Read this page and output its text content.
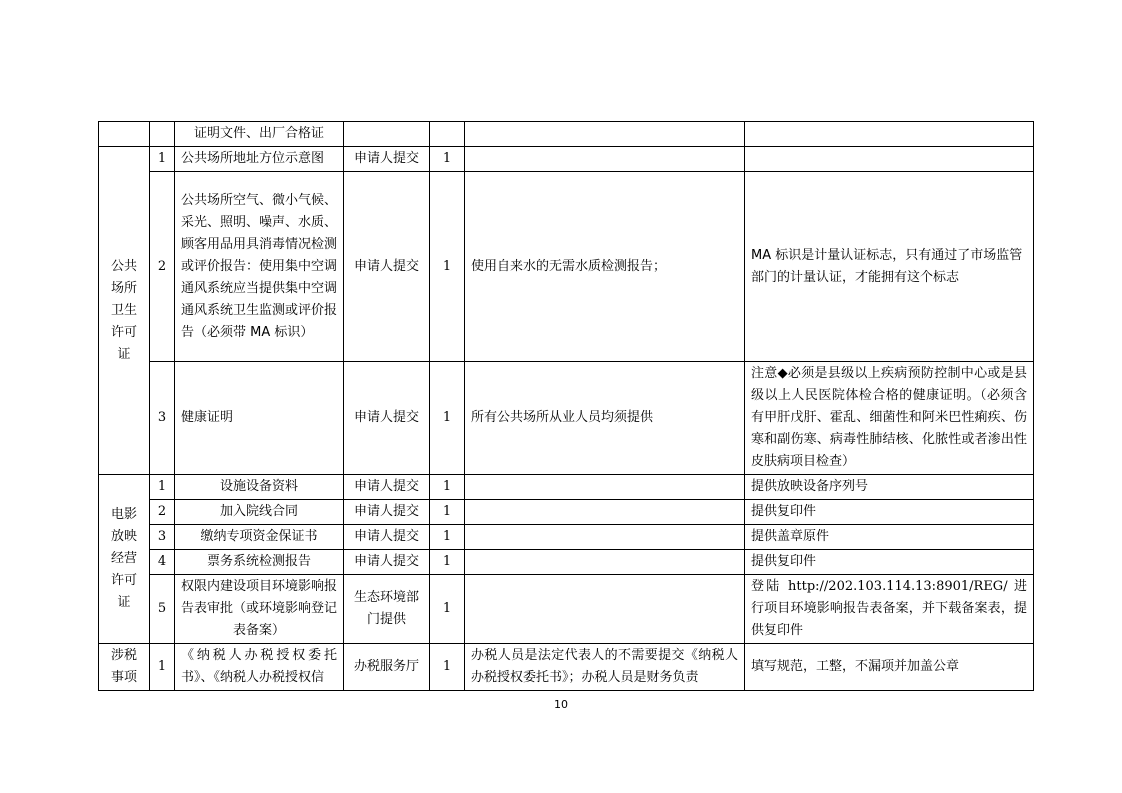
		证明文件、出厂合格证				
公共场所卫生许可证	1	公共场所地址方位示意图	申请人提交	1		
	2	公共场所空气、微小气候、采光、照明、噪声、水质、顾客用品用具消毒情况检测或评价报告：使用集中空调通风系统应当提供集中空调通风系统卫生监测或评价报告（必须带 MA 标识）	申请人提交	1	使用自来水的无需水质检测报告；	MA 标识是计量认证标志，只有通过了市场监管部门的计量认证，才能拥有这个标志
	3	健康证明	申请人提交	1	所有公共场所从业人员均须提供	注意◆必须是县级以上疾病预防控制中心或是县级以上人民医院体检合格的健康证明。（必须含有甲肝戊肝、霍乱、细菌性和阿米巴性痢疾、伤寒和副伤寒、病毒性肺结核、化脓性或者渗出性皮肤病项目检查）
电影放映经营许可证	1	设施设备资料	申请人提交	1		提供放映设备序列号
	2	加入院线合同	申请人提交	1		提供复印件
	3	缴纳专项资金保证书	申请人提交	1		提供盖章原件
	4	票务系统检测报告	申请人提交	1		提供复印件
	5	权限内建设项目环境影响报告表审批（或环境影响登记表备案）	生态环境部门提供	1		登陆 http://202.103.114.13:8901/REG/ 进行项目环境影响报告表备案，并下载备案表，提供复印件
涉税事项	1	《纳税人办税授权委托书》、《纳税人办税授权信	办税服务厅	1	办税人员是法定代表人的不需要提交《纳税人办税授权委托书》；办税人员是财务负责	填写规范，工整，不漏项并加盖公章
10
